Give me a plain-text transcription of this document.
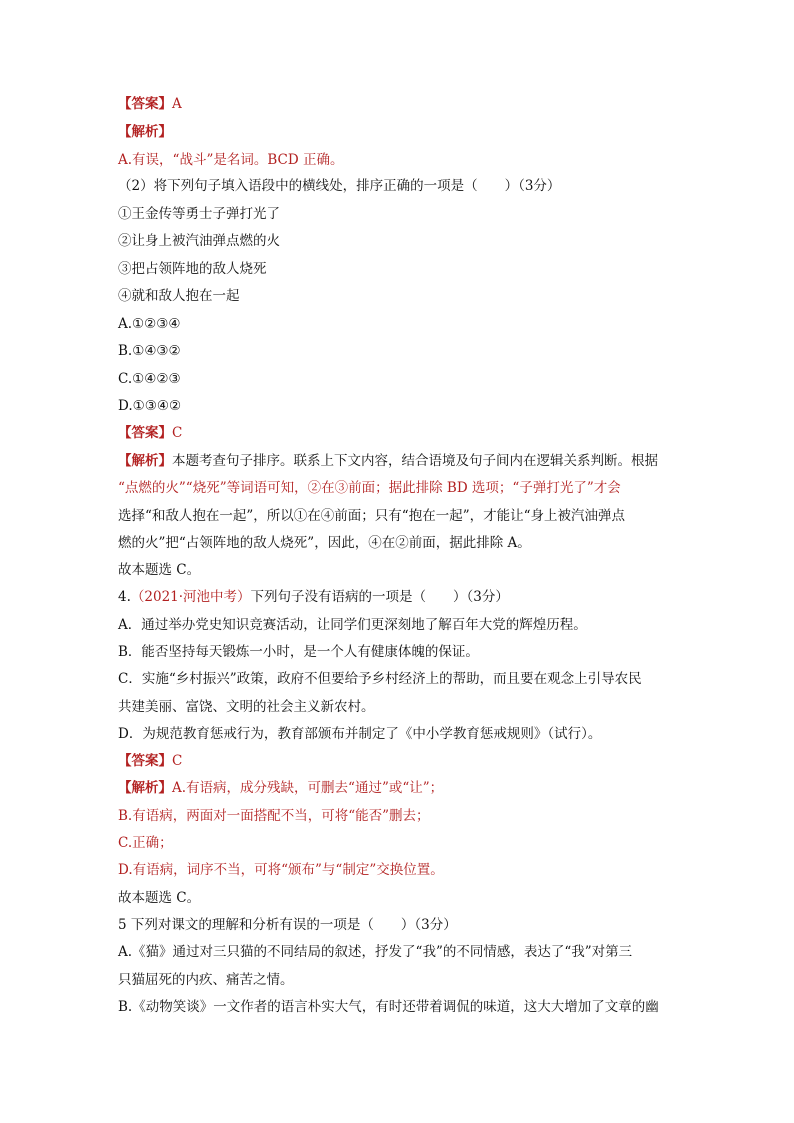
【答案】A
【解析】
A.有误，“战斗”是名词。BCD 正确。
（2）将下列句子填入语段中的横线处，排序正确的一项是（　　）（3分）
①王金传等勇士子弹打光了
②让身上被汽油弹点燃的火
③把占领阵地的敌人烧死
④就和敌人抱在一起
A.①②③④
B.①④③②
C.①④②③
D.①③④②
【答案】C
【解析】本题考查句子排序。联系上下文内容，结合语境及句子间内在逻辑关系判断。根据
“点燃的火”“烧死”等词语可知，②在③前面；据此排除 BD 选项；“子弹打光了”才会
选择“和敌人抱在一起”，所以①在④前面；只有“抱在一起”，才能让“身上被汽油弹点
燃的火”把“占领阵地的敌人烧死”，因此，④在②前面，据此排除 A。
故本题选 C。
4.（2021·河池中考）下列句子没有语病的一项是（　　）（3分）
A．通过举办党史知识竞赛活动，让同学们更深刻地了解百年大党的辉煌历程。
B．能否坚持每天锻炼一小时，是一个人有健康体魄的保证。
C．实施“乡村振兴”政策，政府不但要给予乡村经济上的帮助，而且要在观念上引导农民
共建美丽、富饶、文明的社会主义新农村。
D．为规范教育惩戒行为，教育部颁布并制定了《中小学教育惩戒规则》（试行）。
【答案】C
【解析】A.有语病，成分残缺，可删去“通过”或“让”；
B.有语病，两面对一面搭配不当，可将“能否”删去；
C.正确；
D.有语病，词序不当，可将“颁布”与“制定”交换位置。
故本题选 C。
5 下列对课文的理解和分析有误的一项是（　　）（3分）
A.《猫》通过对三只猫的不同结局的叙述，抒发了“我”的不同情感，表达了“我”对第三
只猫屈死的内疚、痛苦之情。
B.《动物笑谈》一文作者的语言朴实大气，有时还带着调侃的味道，这大大增加了文章的幽
